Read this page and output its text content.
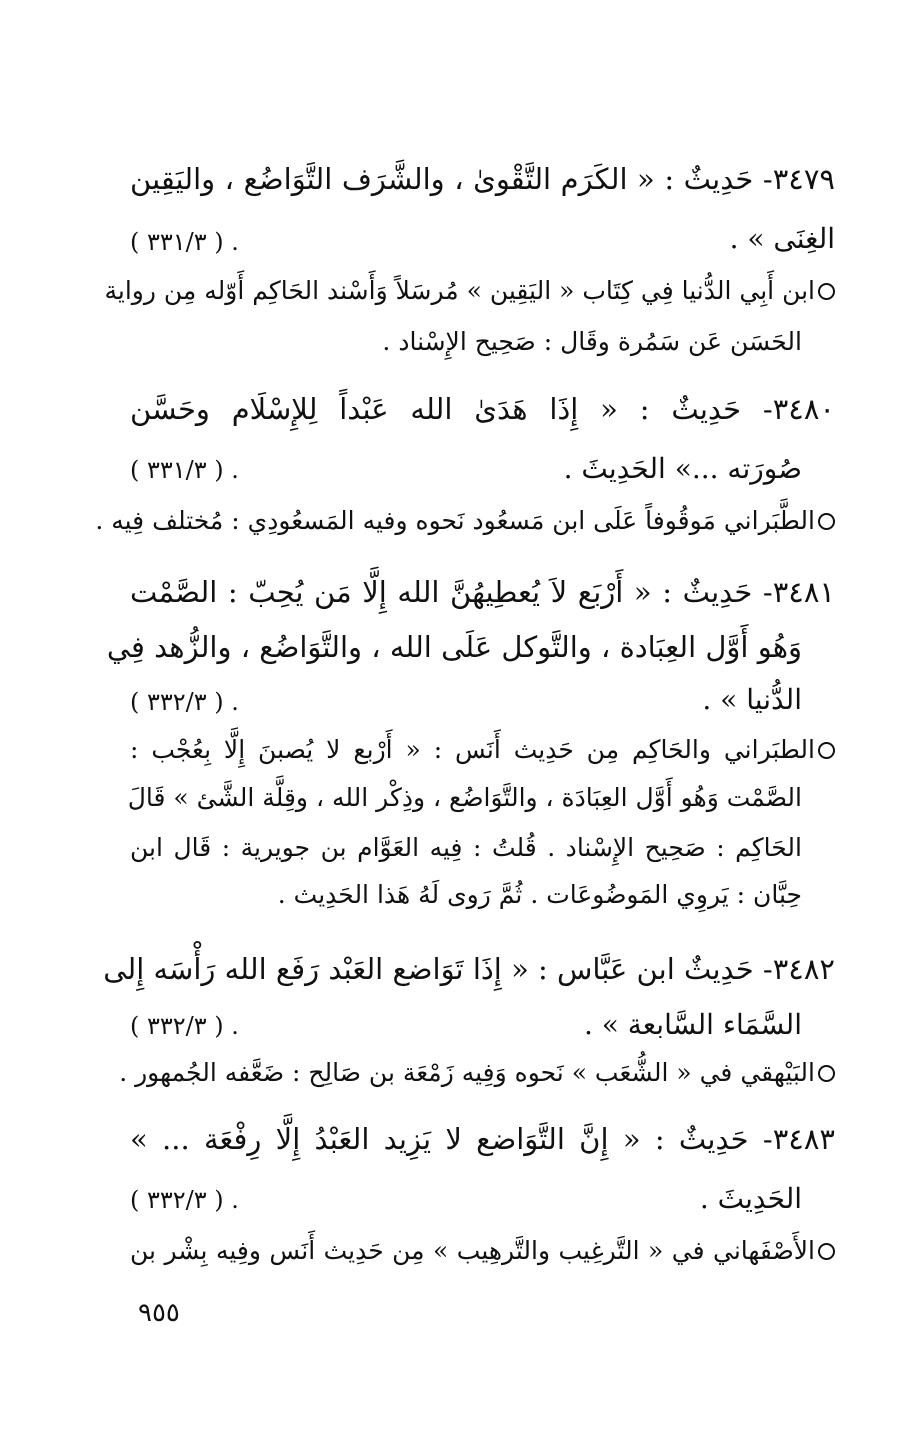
٣٤٧٩- حَدِيثٌ : « الكَرَم التَّقْوىٰ ، والشَّرَف التَّوَاضُع ، واليَقِين
الغِنَى » .
( ٣٣١/٣ ) .
ابن أَبِي الدُّنيا فِي كِتَاب « اليَقِين » مُرسَلاً وَأَسْند الحَاكِم أَوّله مِن رواية
الحَسَن عَن سَمُرة وقَال : صَحِيح الإِسْناد .
٣٤٨٠- حَدِيثٌ : « إِذَا هَدَىٰ الله عَبْداً لِلإِسْلَام وحَسَّن
صُورَته ...» الحَدِيثَ .
( ٣٣١/٣ ) .
الطَّبَراني مَوقُوفاً عَلَى ابن مَسعُود نَحوه وفيه المَسعُودِي : مُختلف فِيه .
٣٤٨١- حَدِيثٌ : « أَرْبَع لاَ يُعطِيهُنَّ الله إِلَّا مَن يُحِبّ : الصَّمْت
وَهُو أَوَّل العِبَادة ، والتَّوكل عَلَى الله ، والتَّوَاضُع ، والزُّهد فِي
الدُّنيا » .
( ٣٣٢/٣ ) .
الطبَراني والحَاكِم مِن حَدِيث أَنَس : « أَرْبع لا يُصبنَ إِلَّا بِعُجْب :
الصَّمْت وَهُو أَوَّل العِبَادَة ، والتَّوَاضُع ، وذِكْر الله ، وقِلَّة الشَّئ » قَالَ
الحَاكِم : صَحِيح الإِسْناد . قُلتُ : فِيه العَوَّام بن جويرية : قَال ابن
حِبَّان : يَروِي المَوضُوعَات . ثُمَّ رَوى لَهُ هَذا الحَدِيث .
٣٤٨٢- حَدِيثٌ ابن عَبَّاس : « إِذَا تَوَاضع العَبْد رَفَع الله رَأْسَه إِلى
السَّمَاء السَّابعة » .
( ٣٣٢/٣ ) .
البَيْهقي في « الشُّعَب » نَحوه وَفِيه زَمْعَة بن صَالِح : ضَعَّفه الجُمهور .
٣٤٨٣- حَدِيثٌ : « إِنَّ التَّوَاضع لا يَزِيد العَبْدُ إِلَّا رِفْعَة ... »
الحَدِيثَ .
( ٣٣٢/٣ ) .
الأَصْفَهاني في « التَّرغِيب والتَّرهِيب » مِن حَدِيث أَنَس وفِيه بِشْر بن
٩٥٥
